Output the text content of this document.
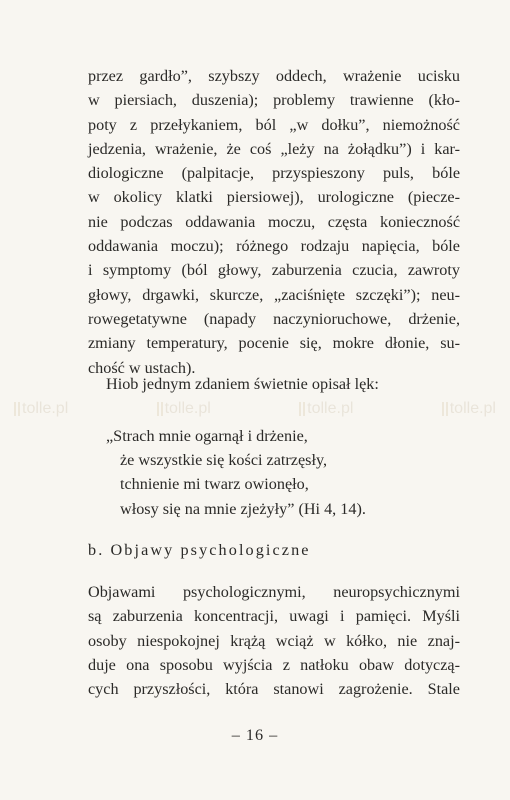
tolle.pl	tolle.pl	tolle.pl	tolle.pl
przez gardło”, szybszy oddech, wrażenie ucisku
w piersiach, duszenia); problemy trawienne (kło-
poty z przełykaniem, ból „w dołku”, niemożność
jedzenia, wrażenie, że coś „leży na żołądku”) i kar-
diologiczne (palpitacje, przyspieszony puls, bóle
w okolicy klatki piersiowej), urologiczne (piecze-
nie podczas oddawania moczu, częsta konieczność
oddawania moczu); różnego rodzaju napięcia, bóle
i symptomy (ból głowy, zaburzenia czucia, zawroty
głowy, drgawki, skurcze, „zaciśnięte szczęki”); neu-
rowegetatywne (napady naczynioruchowe, drżenie,
zmiany temperatury, pocenie się, mokre dłonie, su-
chość w ustach).
Hiob jednym zdaniem świetnie opisał lęk:
„Strach mnie ogarnął i drżenie,
że wszystkie się kości zatrzęsły,
tchnienie mi twarz owionęło,
włosy się na mnie zjeżyły” (Hi 4, 14).
b. Objawy psychologiczne
Objawami psychologicznymi, neuropsychicznymi
są zaburzenia koncentracji, uwagi i pamięci. Myśli
osoby niespokojnej krążą wciąż w kółko, nie znaj-
duje ona sposobu wyjścia z natłoku obaw dotyczą-
cych przyszłości, która stanowi zagrożenie. Stale
– 16 –
